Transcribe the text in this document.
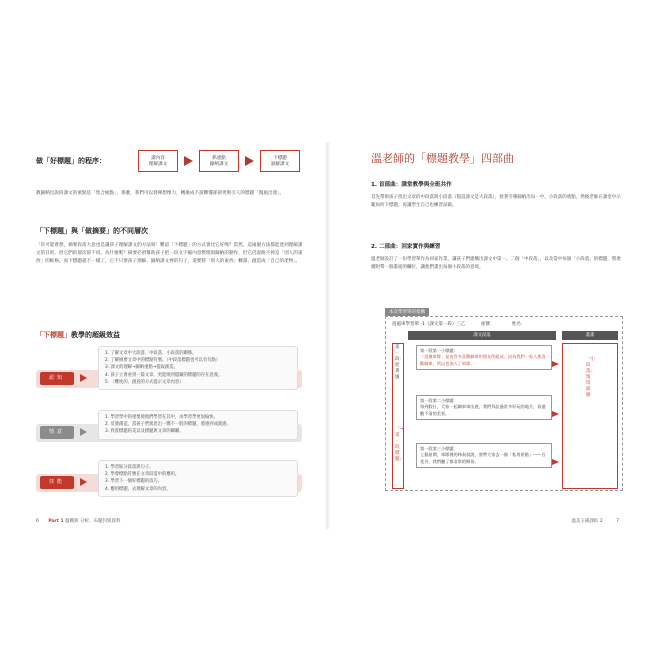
做「好標題」的程序：	讀內容
理解課文
抓重點
歸納課文
下標題
說解課文

教歸納出說段課文的重點是「集合抽點」，那麼，我們可以發揮想像力，轉換成不說難懂卻卻更吸引人的標題「微風出發」。

「下標題」與「做摘要」的不同層次

「你可能會想，摘要段落大意也是讓孩子理解課文的方法呀！難道「下標題」的方式會比它好嗎？當然，這兩個方法都能達到理解課文的目的，但它們的層次卻不同。為什麼呢？摘要必須幫助孩子把一段文字縮內容整理與歸納的動作，但它仍說脫不掉是「別人的東西」的框格。而下標題就不一樣了，它不只要孩子理解、歸納課文裡的句子，還要將「別人的東西」轉譯、創造成「自己的產物」。

「下標題」教學的超級效益
認知
1. 了解文章中大段落、中段落、小段落的關係。
2. 了解摘要文章中的標點符號。（中段落標題也可以有句點）
3. 課文的理解→歸納重點→提取創造。
4. 孩子立會看到一篇文章，更能嗅到隱藏的標題的存在意義。
5. （難度的、創意的方式提示文章內容）
情意
1. 學習學中的重要使他們學習在其中，由學習學更加愉快。
2. 反發創造，當孩子們異思出一鄭不一般的標題，將感到成就感。
3. 欣賞標題的美以及標題與文章的關聯。
技能
1. 學習區分段落與句子。
2. 學會標點符號在文章段落中的應用。
3. 學習下一個好標題的技巧。
4. 應用標題，去理解文章的內容。
6 Part 1 溫獲與 分析、布題封與資料
溫老師的「標題教學」四部曲
1. 首部曲：課堂教學與全班共作

首先帶領孩子找出文章的中段落與小段落（假設課文是大段落），接著引導歸納出每一中、小段落的重點，然後老師在課堂中示範如何下標題，再讓學生自己也練習試做。

2. 二部曲：回家實作與練習

溫老師設計了一份學習單作為回家作業，讓孩子們建構出課文中第一、二個「中段落」，以及當中每個「小段落」的標題，將連續附帶一個畫面的欄位，讓他們畫出每個小段落的意境。

本次學習單的架構
逍風車學習單 -1（課文第一段）三乙	座號：	姓名：
課文段落	畫畫
第一段：迎著風
「→第一段標題」
第一段第一小標題：
「追風車隊」是由許多喜歡騎車的朋友所組成，因為我們一家人都喜歡騎車，所以也加入了車隊。
第一段第二小標題：
每到假日，大家一起騎車車出遊，我們拜訪過許多好玩的地方，看過數不清的美景。
第一段第三小標題：
上個星期，車隊裡的林叔叔說，要帶大家去一個「私房景點」——百花谷，我們聽了都非常的期待。
「小段落」情境插圖
溫美玉備課趴 2	7
